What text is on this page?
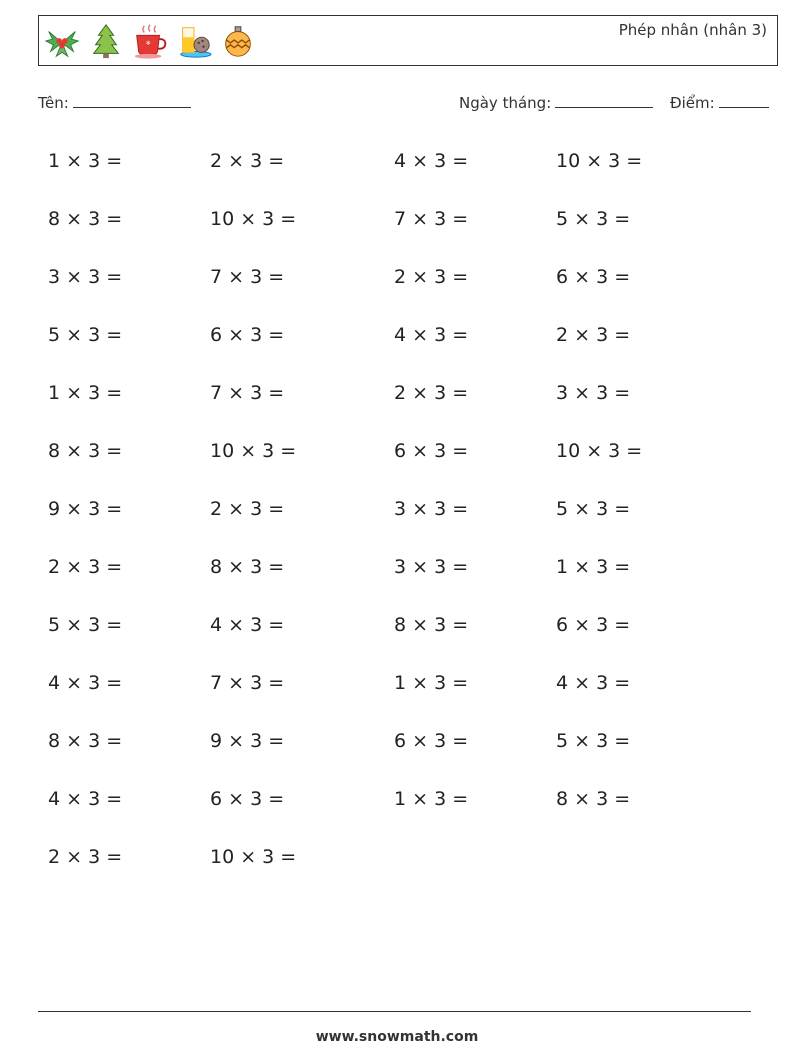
*
Phép nhân (nhân 3)
Tên:	Ngày tháng:	Điểm:
1 × 3 =	2 × 3 =	4 × 3 =	10 × 3 =
8 × 3 =	10 × 3 =	7 × 3 =	5 × 3 =
3 × 3 =	7 × 3 =	2 × 3 =	6 × 3 =
5 × 3 =	6 × 3 =	4 × 3 =	2 × 3 =
1 × 3 =	7 × 3 =	2 × 3 =	3 × 3 =
8 × 3 =	10 × 3 =	6 × 3 =	10 × 3 =
9 × 3 =	2 × 3 =	3 × 3 =	5 × 3 =
2 × 3 =	8 × 3 =	3 × 3 =	1 × 3 =
5 × 3 =	4 × 3 =	8 × 3 =	6 × 3 =
4 × 3 =	7 × 3 =	1 × 3 =	4 × 3 =
8 × 3 =	9 × 3 =	6 × 3 =	5 × 3 =
4 × 3 =	6 × 3 =	1 × 3 =	8 × 3 =
2 × 3 =	10 × 3 =
www.snowmath.com
